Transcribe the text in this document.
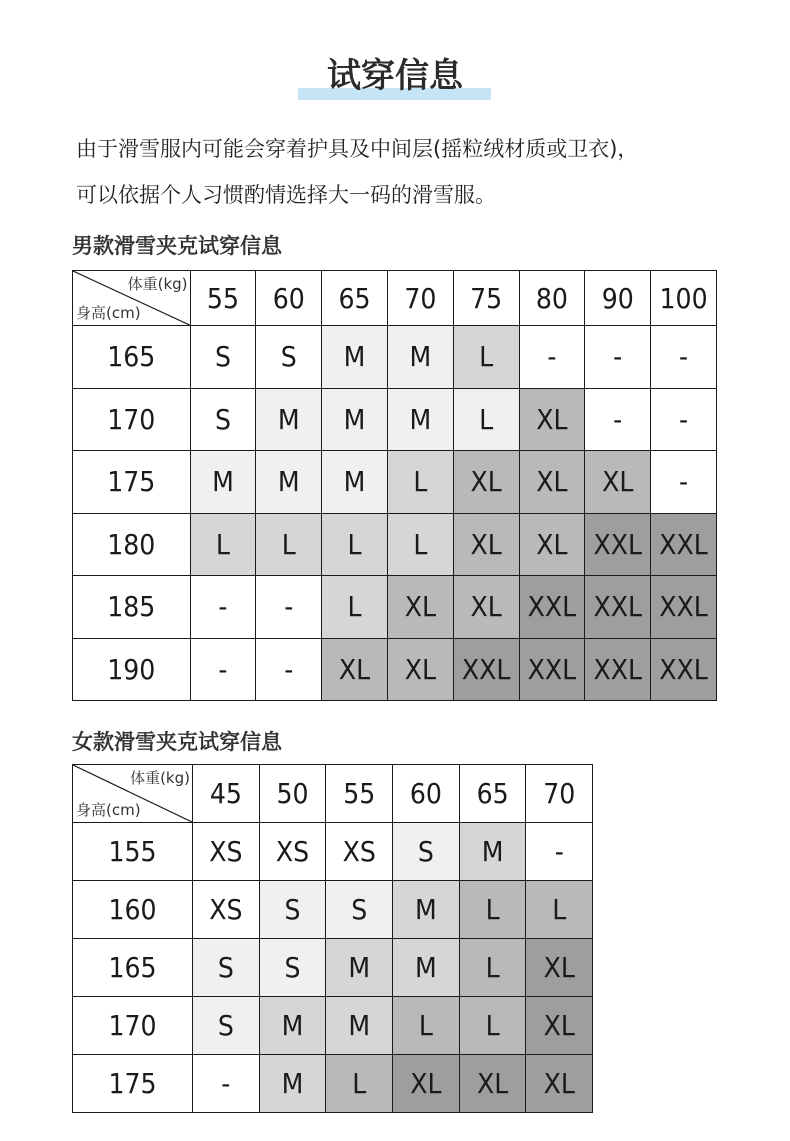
试穿信息

由于滑雪服内可能会穿着护具及中间层(摇粒绒材质或卫衣)，

可以依据个人习惯酌情选择大一码的滑雪服。

男款滑雪夹克试穿信息
体重(kg)
身高(cm)	55	60	65	70	75	80	90	100
165	S	S	M	M	L	-	-	-
170	S	M	M	M	L	XL	-	-
175	M	M	M	L	XL	XL	XL	-
180	L	L	L	L	XL	XL	XXL	XXL
185	-	-	L	XL	XL	XXL	XXL	XXL
190	-	-	XL	XL	XXL	XXL	XXL	XXL
女款滑雪夹克试穿信息
体重(kg)
身高(cm)	45	50	55	60	65	70
155	XS	XS	XS	S	M	-
160	XS	S	S	M	L	L
165	S	S	M	M	L	XL
170	S	M	M	L	L	XL
175	-	M	L	XL	XL	XL
